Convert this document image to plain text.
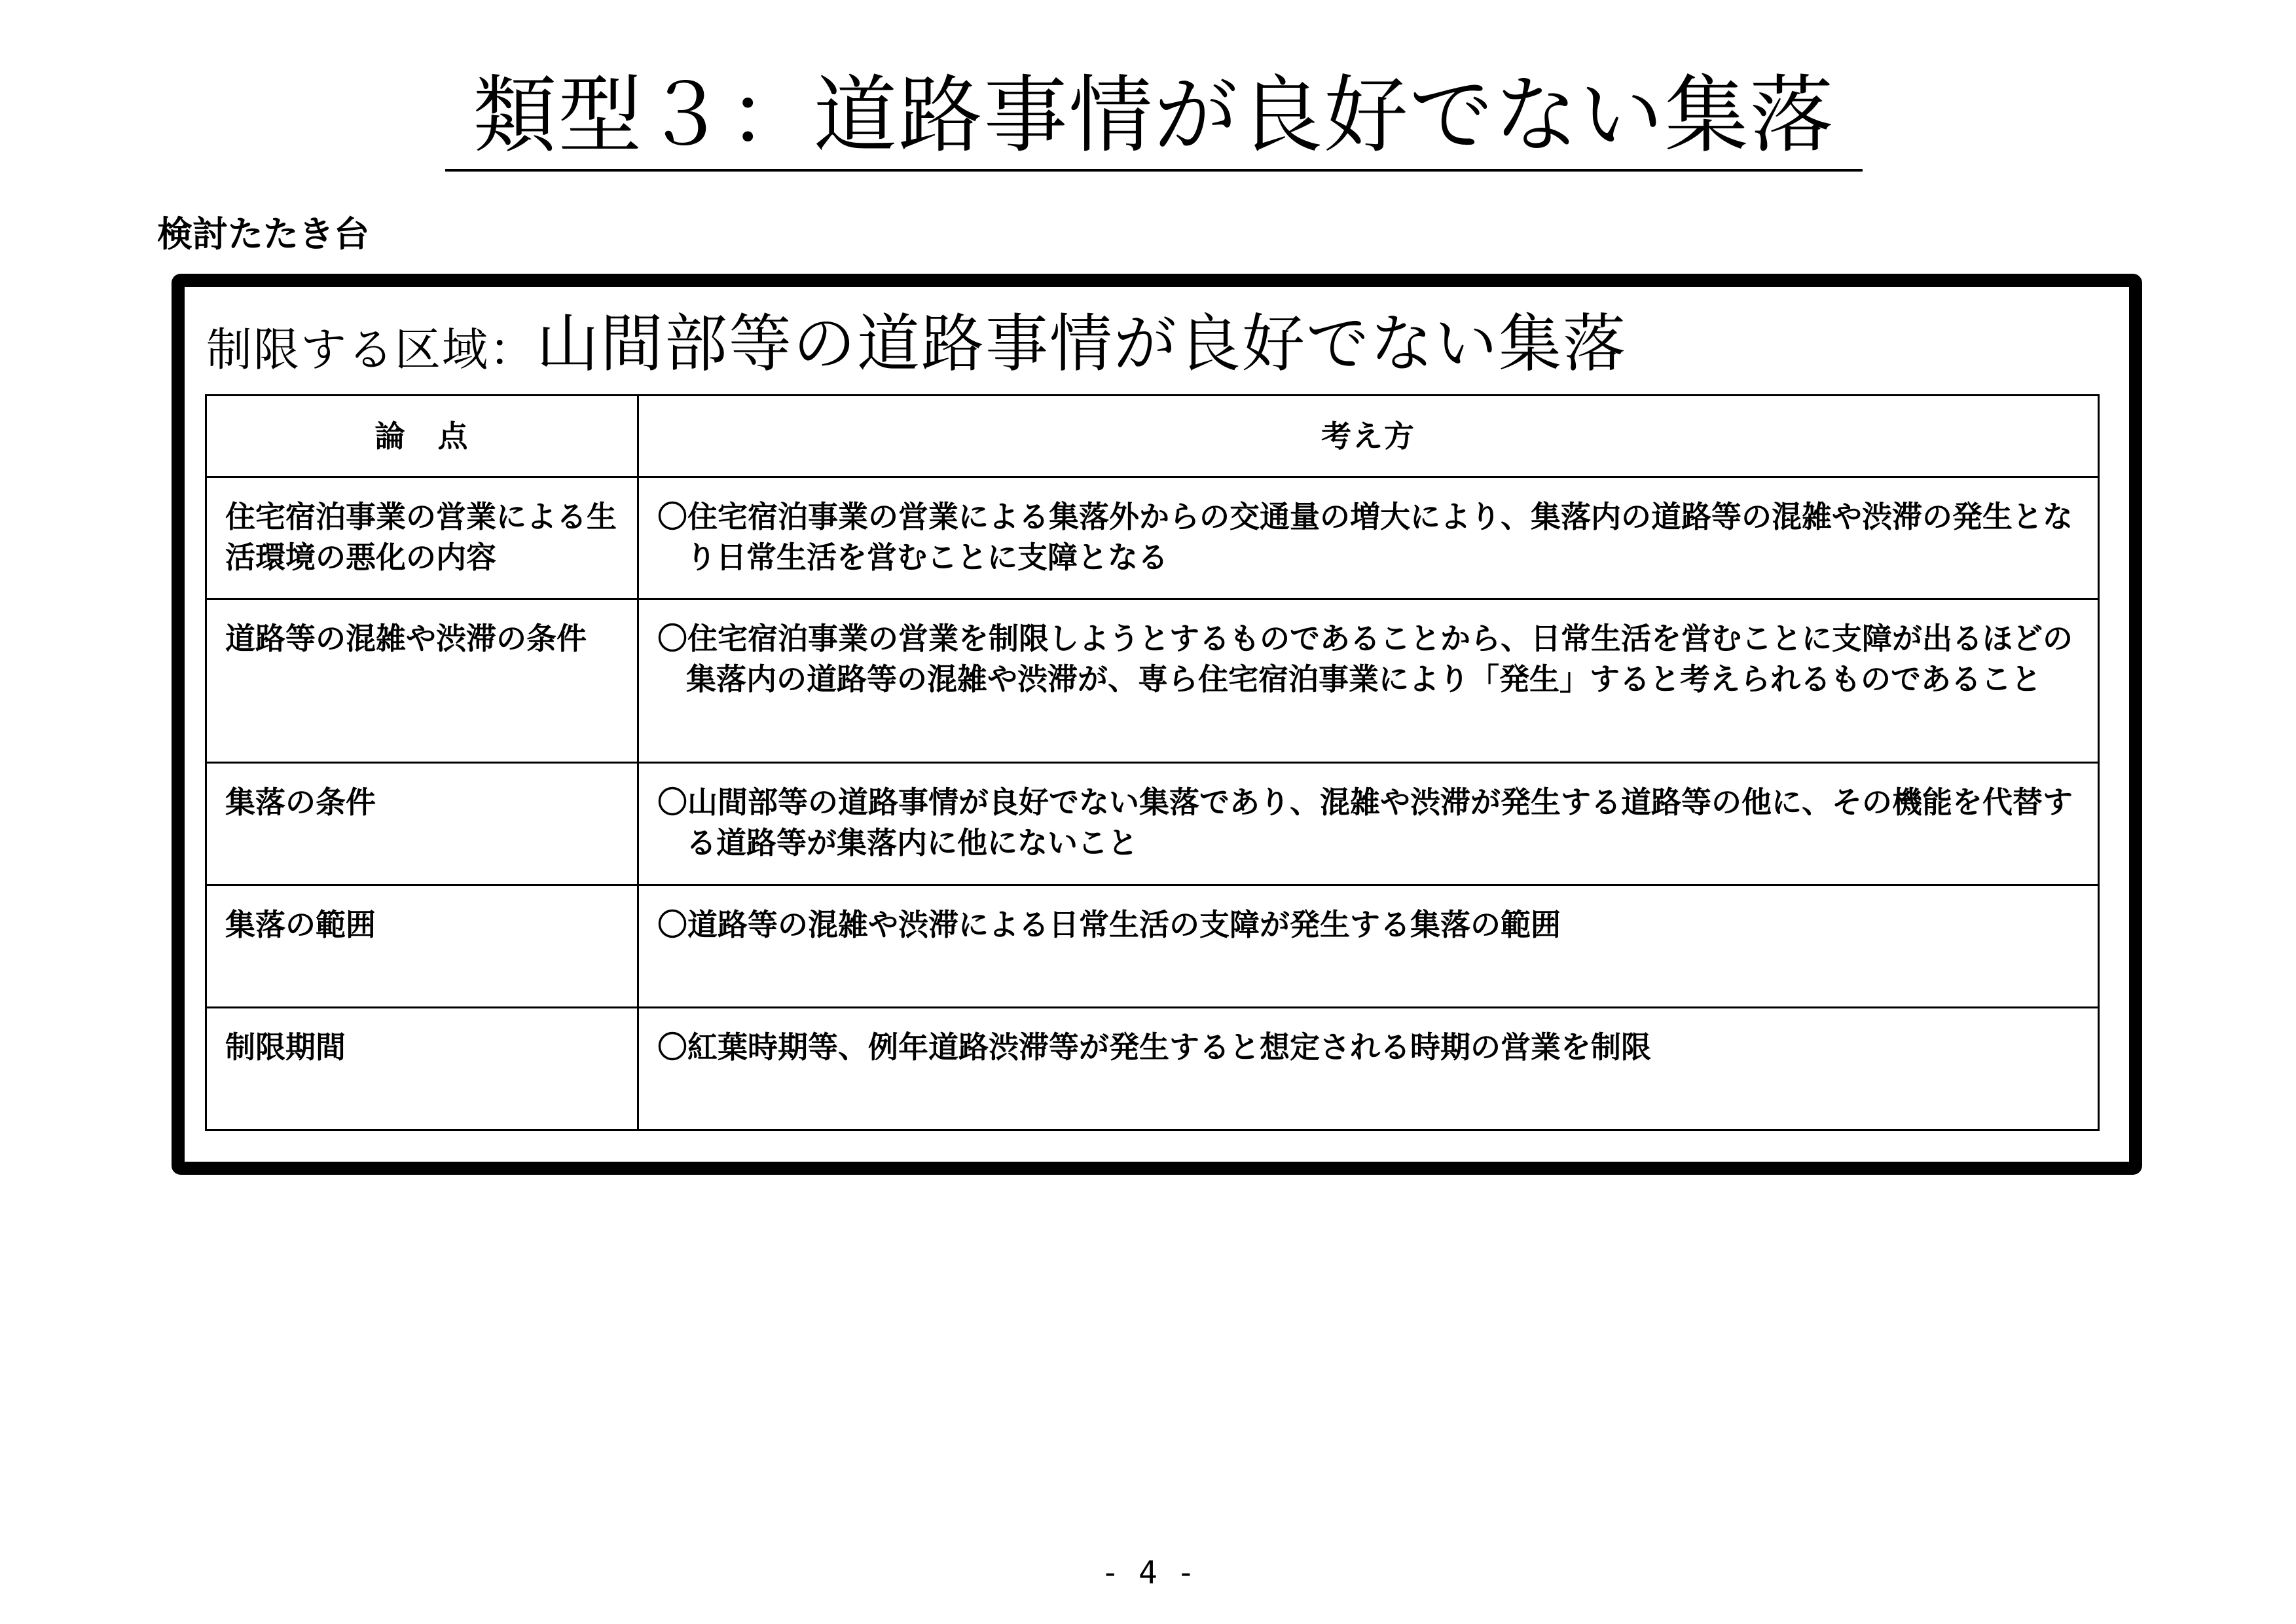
類型３：道路事情が良好でない集落
検討たたき台
制限する区域：山間部等の道路事情が良好でない集落
論　点	考え方
住宅宿泊事業の営業による生活環境の悪化の内容	〇住宅宿泊事業の営業による集落外からの交通量の増大により、集落内の道路等の混雑や渋滞の発生となり日常生活を営むことに支障となる

道路等の混雑や渋滞の条件	〇住宅宿泊事業の営業を制限しようとするものであることから、日常生活を営むことに支障が出るほどの集落内の道路等の混雑や渋滞が、専ら住宅宿泊事業により「発生」すると考えられるものであること

集落の条件	〇山間部等の道路事情が良好でない集落であり、混雑や渋滞が発生する道路等の他に、その機能を代替する道路等が集落内に他にないこと

集落の範囲	〇道路等の混雑や渋滞による日常生活の支障が発生する集落の範囲

制限期間	〇紅葉時期等、例年道路渋滞等が発生すると想定される時期の営業を制限
- 4 -
